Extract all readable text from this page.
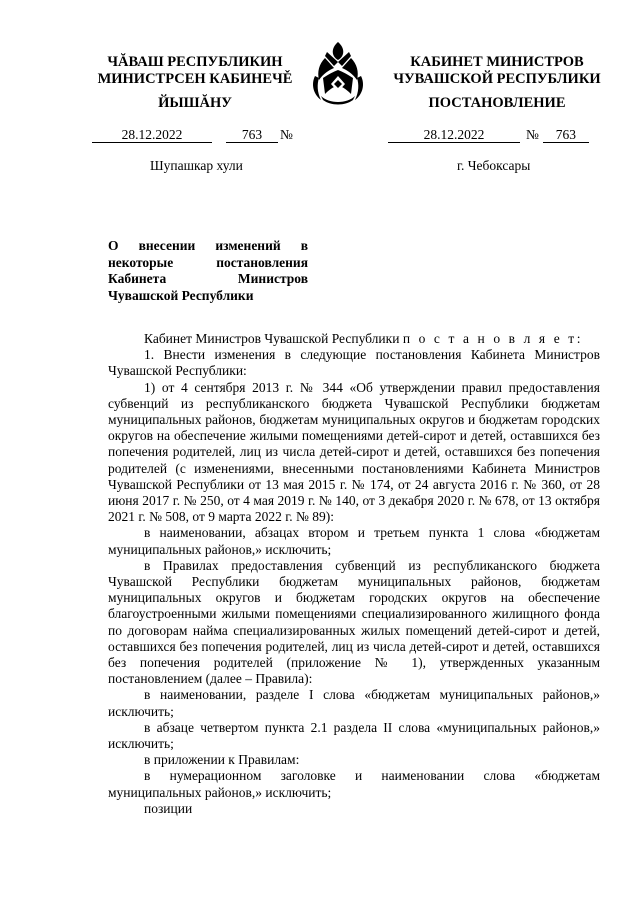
ЧĂВАШ РЕСПУБЛИКИН
МИНИСТРСЕН КАБИНЕЧĚ
ЙЫШĂНУ
КАБИНЕТ МИНИСТРОВ
ЧУВАШСКОЙ РЕСПУБЛИКИ
ПОСТАНОВЛЕНИЕ
28.12.2022	763	№	28.12.2022	№	763
Шупашкар хули	г. Чебоксары
О внесении изменений в некоторые постановления Кабинета Министров Чувашской Республики

Кабинет Министров Чувашской Республики п о с т а н о в л я е т:

1. Внести изменения в следующие постановления Кабинета Министров Чувашской Республики:

1) от 4 сентября 2013 г. № 344 «Об утверждении правил предоставления субвенций из республиканского бюджета Чувашской Республики бюджетам муниципальных районов, бюджетам муниципальных округов и бюджетам городских округов на обеспечение жилыми помещениями детей-сирот и детей, оставшихся без попечения родителей, лиц из числа детей-сирот и детей, оставшихся без попечения родителей (с изменениями, внесенными постановлениями Кабинета Министров Чувашской Республики от 13 мая 2015 г. № 174, от 24 августа 2016 г. № 360, от 28 июня 2017 г. № 250, от 4 мая 2019 г. № 140, от 3 декабря 2020 г. № 678, от 13 октября 2021 г. № 508, от 9 марта 2022 г. № 89):

в наименовании, абзацах втором и третьем пункта 1 слова «бюджетам муниципальных районов,» исключить;

в Правилах предоставления субвенций из республиканского бюджета Чувашской Республики бюджетам муниципальных районов, бюджетам муниципальных округов и бюджетам городских округов на обеспечение благоустроенными жилыми помещениями специализированного жилищного фонда по договорам найма специализированных жилых помещений детей-сирот и детей, оставшихся без попечения родителей, лиц из числа детей-сирот и детей, оставшихся без попечения родителей (приложение № 1), утвержденных указанным постановлением (далее – Правила):

в наименовании, разделе I слова «бюджетам муниципальных районов,» исключить;

в абзаце четвертом пункта 2.1 раздела II слова «муниципальных районов,» исключить;

в приложении к Правилам:

в нумерационном заголовке и наименовании слова «бюджетам муниципальных районов,» исключить;

позиции
